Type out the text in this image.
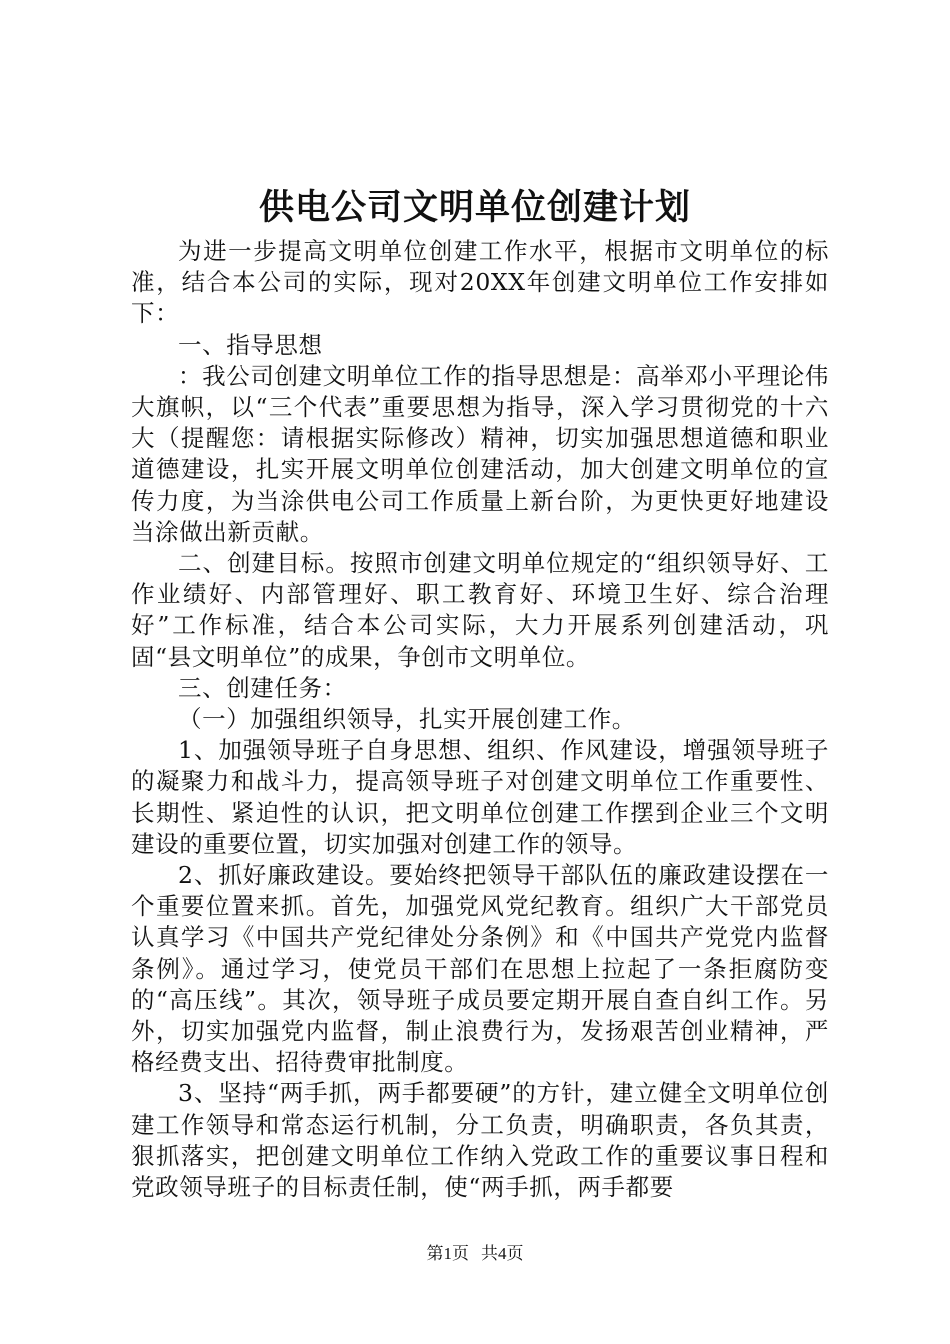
供电公司文明单位创建计划

为进一步提高文明单位创建工作水平，根据市文明单位的标准，结合本公司的实际，现对20XX年创建文明单位工作安排如下：

一、指导思想

：我公司创建文明单位工作的指导思想是：高举邓小平理论伟大旗帜，以“三个代表”重要思想为指导，深入学习贯彻党的十六大（提醒您：请根据实际修改）精神，切实加强思想道德和职业道德建设，扎实开展文明单位创建活动，加大创建文明单位的宣传力度，为当涂供电公司工作质量上新台阶，为更快更好地建设当涂做出新贡献。

二、创建目标。按照市创建文明单位规定的“组织领导好、工作业绩好、内部管理好、职工教育好、环境卫生好、综合治理好”工作标准，结合本公司实际，大力开展系列创建活动，巩固“县文明单位”的成果，争创市文明单位。

三、创建任务：

（一）加强组织领导，扎实开展创建工作。

1、加强领导班子自身思想、组织、作风建设，增强领导班子的凝聚力和战斗力，提高领导班子对创建文明单位工作重要性、长期性、紧迫性的认识，把文明单位创建工作摆到企业三个文明建设的重要位置，切实加强对创建工作的领导。

2、抓好廉政建设。要始终把领导干部队伍的廉政建设摆在一个重要位置来抓。首先，加强党风党纪教育。组织广大干部党员认真学习《中国共产党纪律处分条例》和《中国共产党党内监督条例》。通过学习，使党员干部们在思想上拉起了一条拒腐防变的“高压线”。其次，领导班子成员要定期开展自查自纠工作。另外，切实加强党内监督，制止浪费行为，发扬艰苦创业精神，严格经费支出、招待费审批制度。

3、坚持“两手抓，两手都要硬”的方针，建立健全文明单位创建工作领导和常态运行机制，分工负责，明确职责，各负其责，狠抓落实，把创建文明单位工作纳入党政工作的重要议事日程和党政领导班子的目标责任制，使“两手抓，两手都要

第1页 共4页
